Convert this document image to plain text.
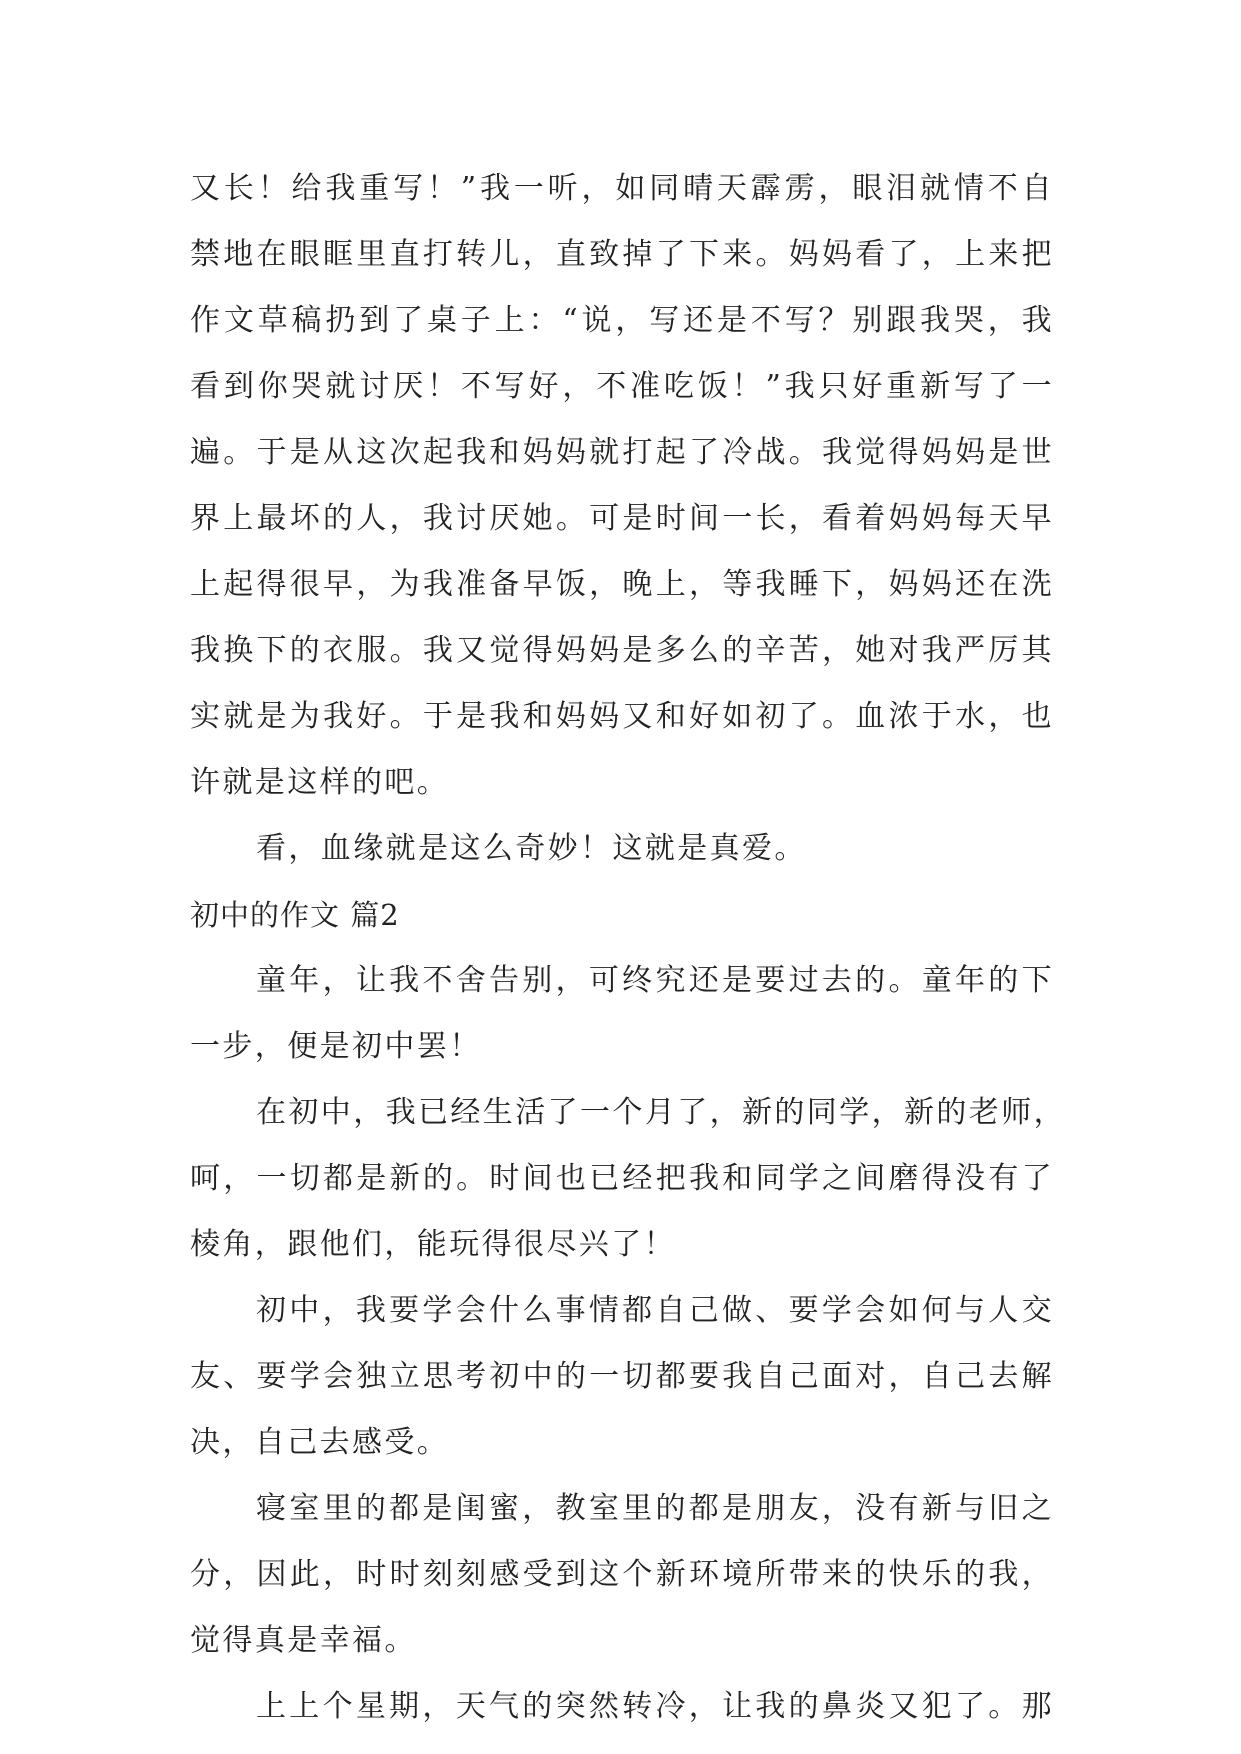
又长！给我重写！”我一听，如同晴天霹雳，眼泪就情不自
禁地在眼眶里直打转儿，直致掉了下来。妈妈看了，上来把
作文草稿扔到了桌子上：“说，写还是不写？别跟我哭，我
看到你哭就讨厌！不写好，不准吃饭！”我只好重新写了一
遍。于是从这次起我和妈妈就打起了冷战。我觉得妈妈是世
界上最坏的人，我讨厌她。可是时间一长，看着妈妈每天早
上起得很早，为我准备早饭，晚上，等我睡下，妈妈还在洗
我换下的衣服。我又觉得妈妈是多么的辛苦，她对我严厉其
实就是为我好。于是我和妈妈又和好如初了。血浓于水，也
许就是这样的吧。
看，血缘就是这么奇妙！这就是真爱。
初中的作文 篇2
童年，让我不舍告别，可终究还是要过去的。童年的下
一步，便是初中罢！
在初中，我已经生活了一个月了，新的同学，新的老师，
呵，一切都是新的。时间也已经把我和同学之间磨得没有了
棱角，跟他们，能玩得很尽兴了！
初中，我要学会什么事情都自己做、要学会如何与人交
友、要学会独立思考初中的一切都要我自己面对，自己去解
决，自己去感受。
寝室里的都是闺蜜，教室里的都是朋友，没有新与旧之
分，因此，时时刻刻感受到这个新环境所带来的快乐的我，
觉得真是幸福。
上上个星期，天气的突然转冷，让我的鼻炎又犯了。那
